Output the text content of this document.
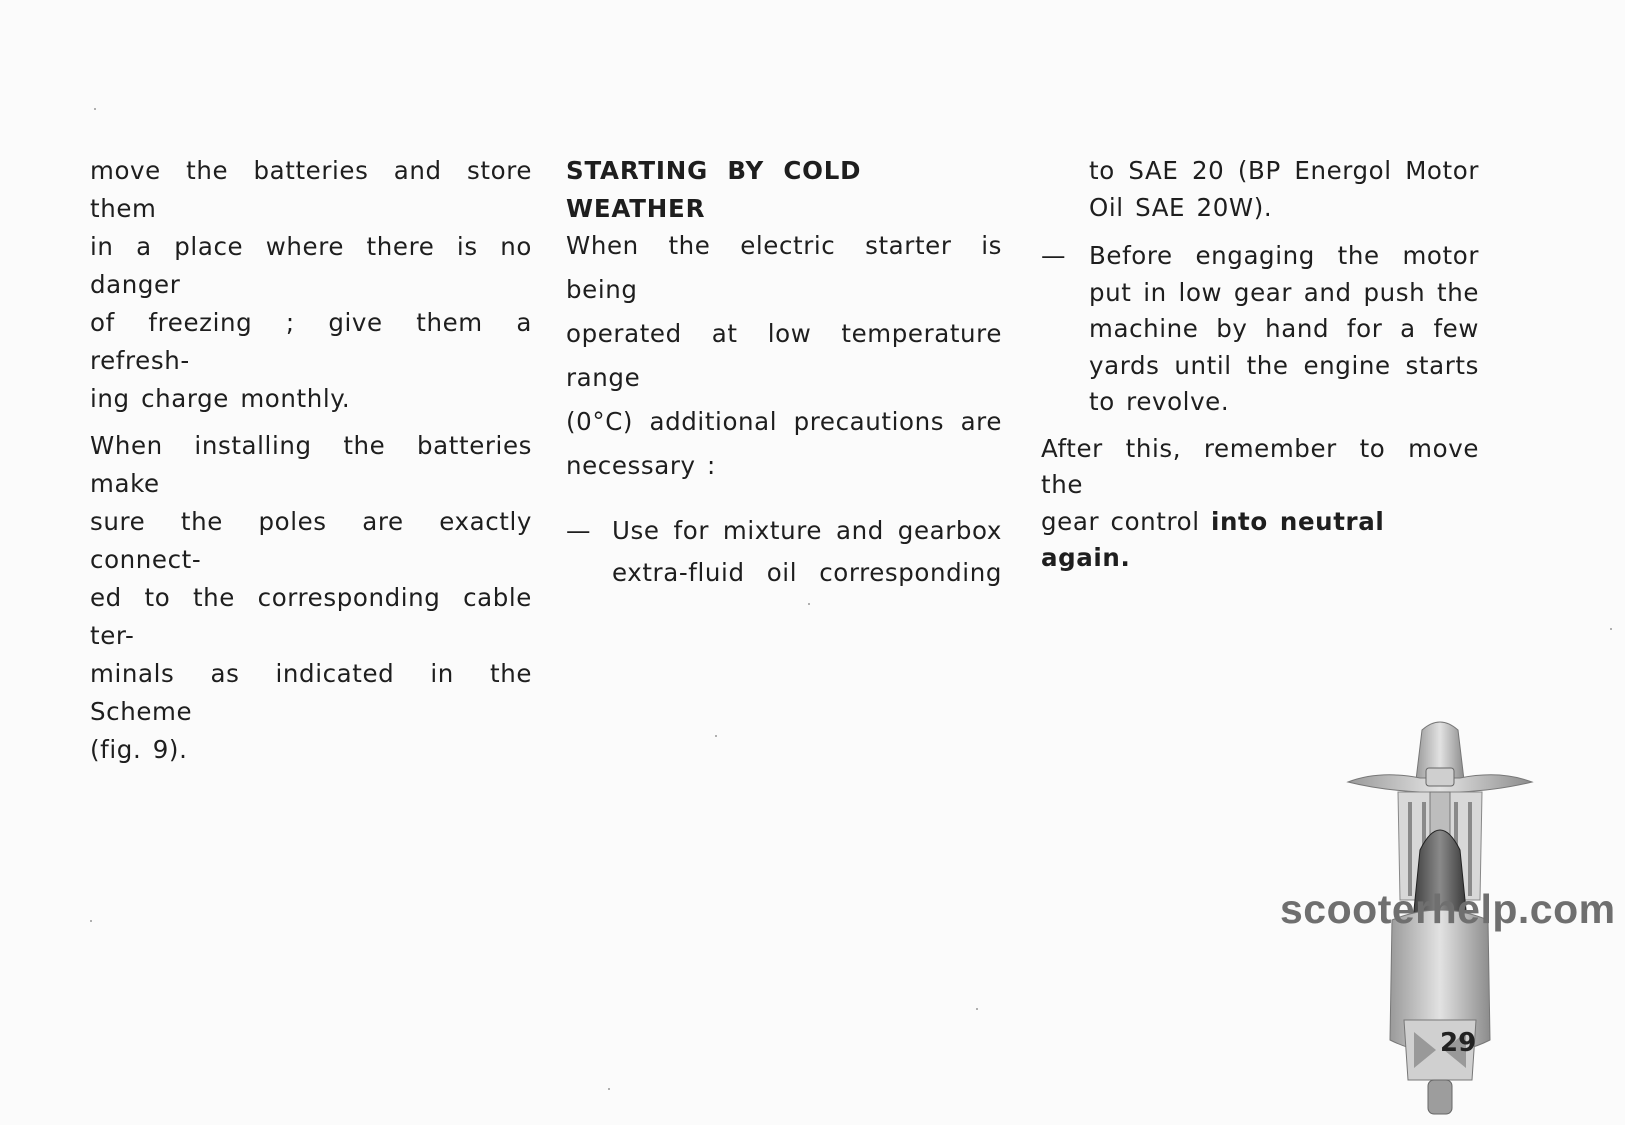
move the batteries and store them

in a place where there is no danger

of freezing ; give them a refresh-

ing charge monthly.

When installing the batteries make

sure the poles are exactly connect-

ed to the corresponding cable ter-

minals as indicated in the Scheme

(fig. 9).

STARTING BY COLD WEATHER

When the electric starter is being

operated at low temperature range

(0°C) additional precautions are

necessary :

— Use for mixture and gearbox

extra-fluid oil corresponding

to SAE 20 (BP Energol Motor

Oil SAE 20W).

— Before engaging the motor

put in low gear and push the

machine by hand for a few

yards until the engine starts

to revolve.

After this, remember to move the

gear control into neutral again.

scooterhelp.com
29
